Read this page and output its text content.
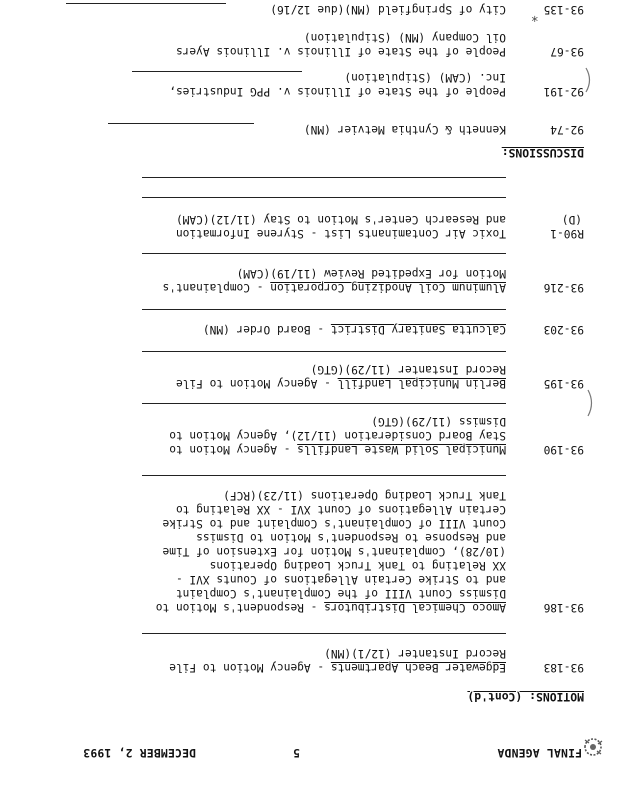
FINAL AGENDA
5
DECEMBER 2, 1993
MOTIONS: (Cont'd)
93-183
Edgewater Beach Apartments - Agency Motion to File
Record Instanter (12/1)(MN)
93-186
Amoco Chemical Distributors - Respondent's Motion to
Dismiss Count VIII of the Complainant's Complaint
and to Strike Certain Allegations of Counts XVI -
XX Relating to Tank Truck Loading Operations
(10/28), Complainant's Motion for Extension of Time
and Response to Respondent's Motion to Dismiss
Count VIII of Complainant's Complaint and to Strike
Certain Allegations of Count XVI - XX Relating to
Tank Truck Loading Operations (11/23)(RCF)
93-190
Municipal Solid Waste Landfills - Agency Motion to
Stay Board Consideration (11/12), Agency Motion to
Dismiss (11/29)(GTG)
93-195
Berlin Municipal Landfill - Agency Motion to File
Record Instanter (11/29)(GTG)
93-203
Calcutta Sanitary District - Board Order (MN)
93-216
Aluminum Coil Anodizing Corporation - Complainant's
Motion for Expedited Review (11/19)(CAM)
R90-1
(D)
Toxic Air Contaminants List - Styrene Information
and Research Center's Motion to Stay (11/12)(CAM)
DISCUSSIONS:
92-74
Kenneth & Cynthia Metvier (MN)
92-191
People of the State of Illinois v. PPG Industries,
Inc. (CAM) (Stipulation)
93-67
People of the State of Illinois v. Illinois Ayers
Oil Company (MN) (Stipulation)
93-135
City of Springfield (MN)(due 12/16) *
